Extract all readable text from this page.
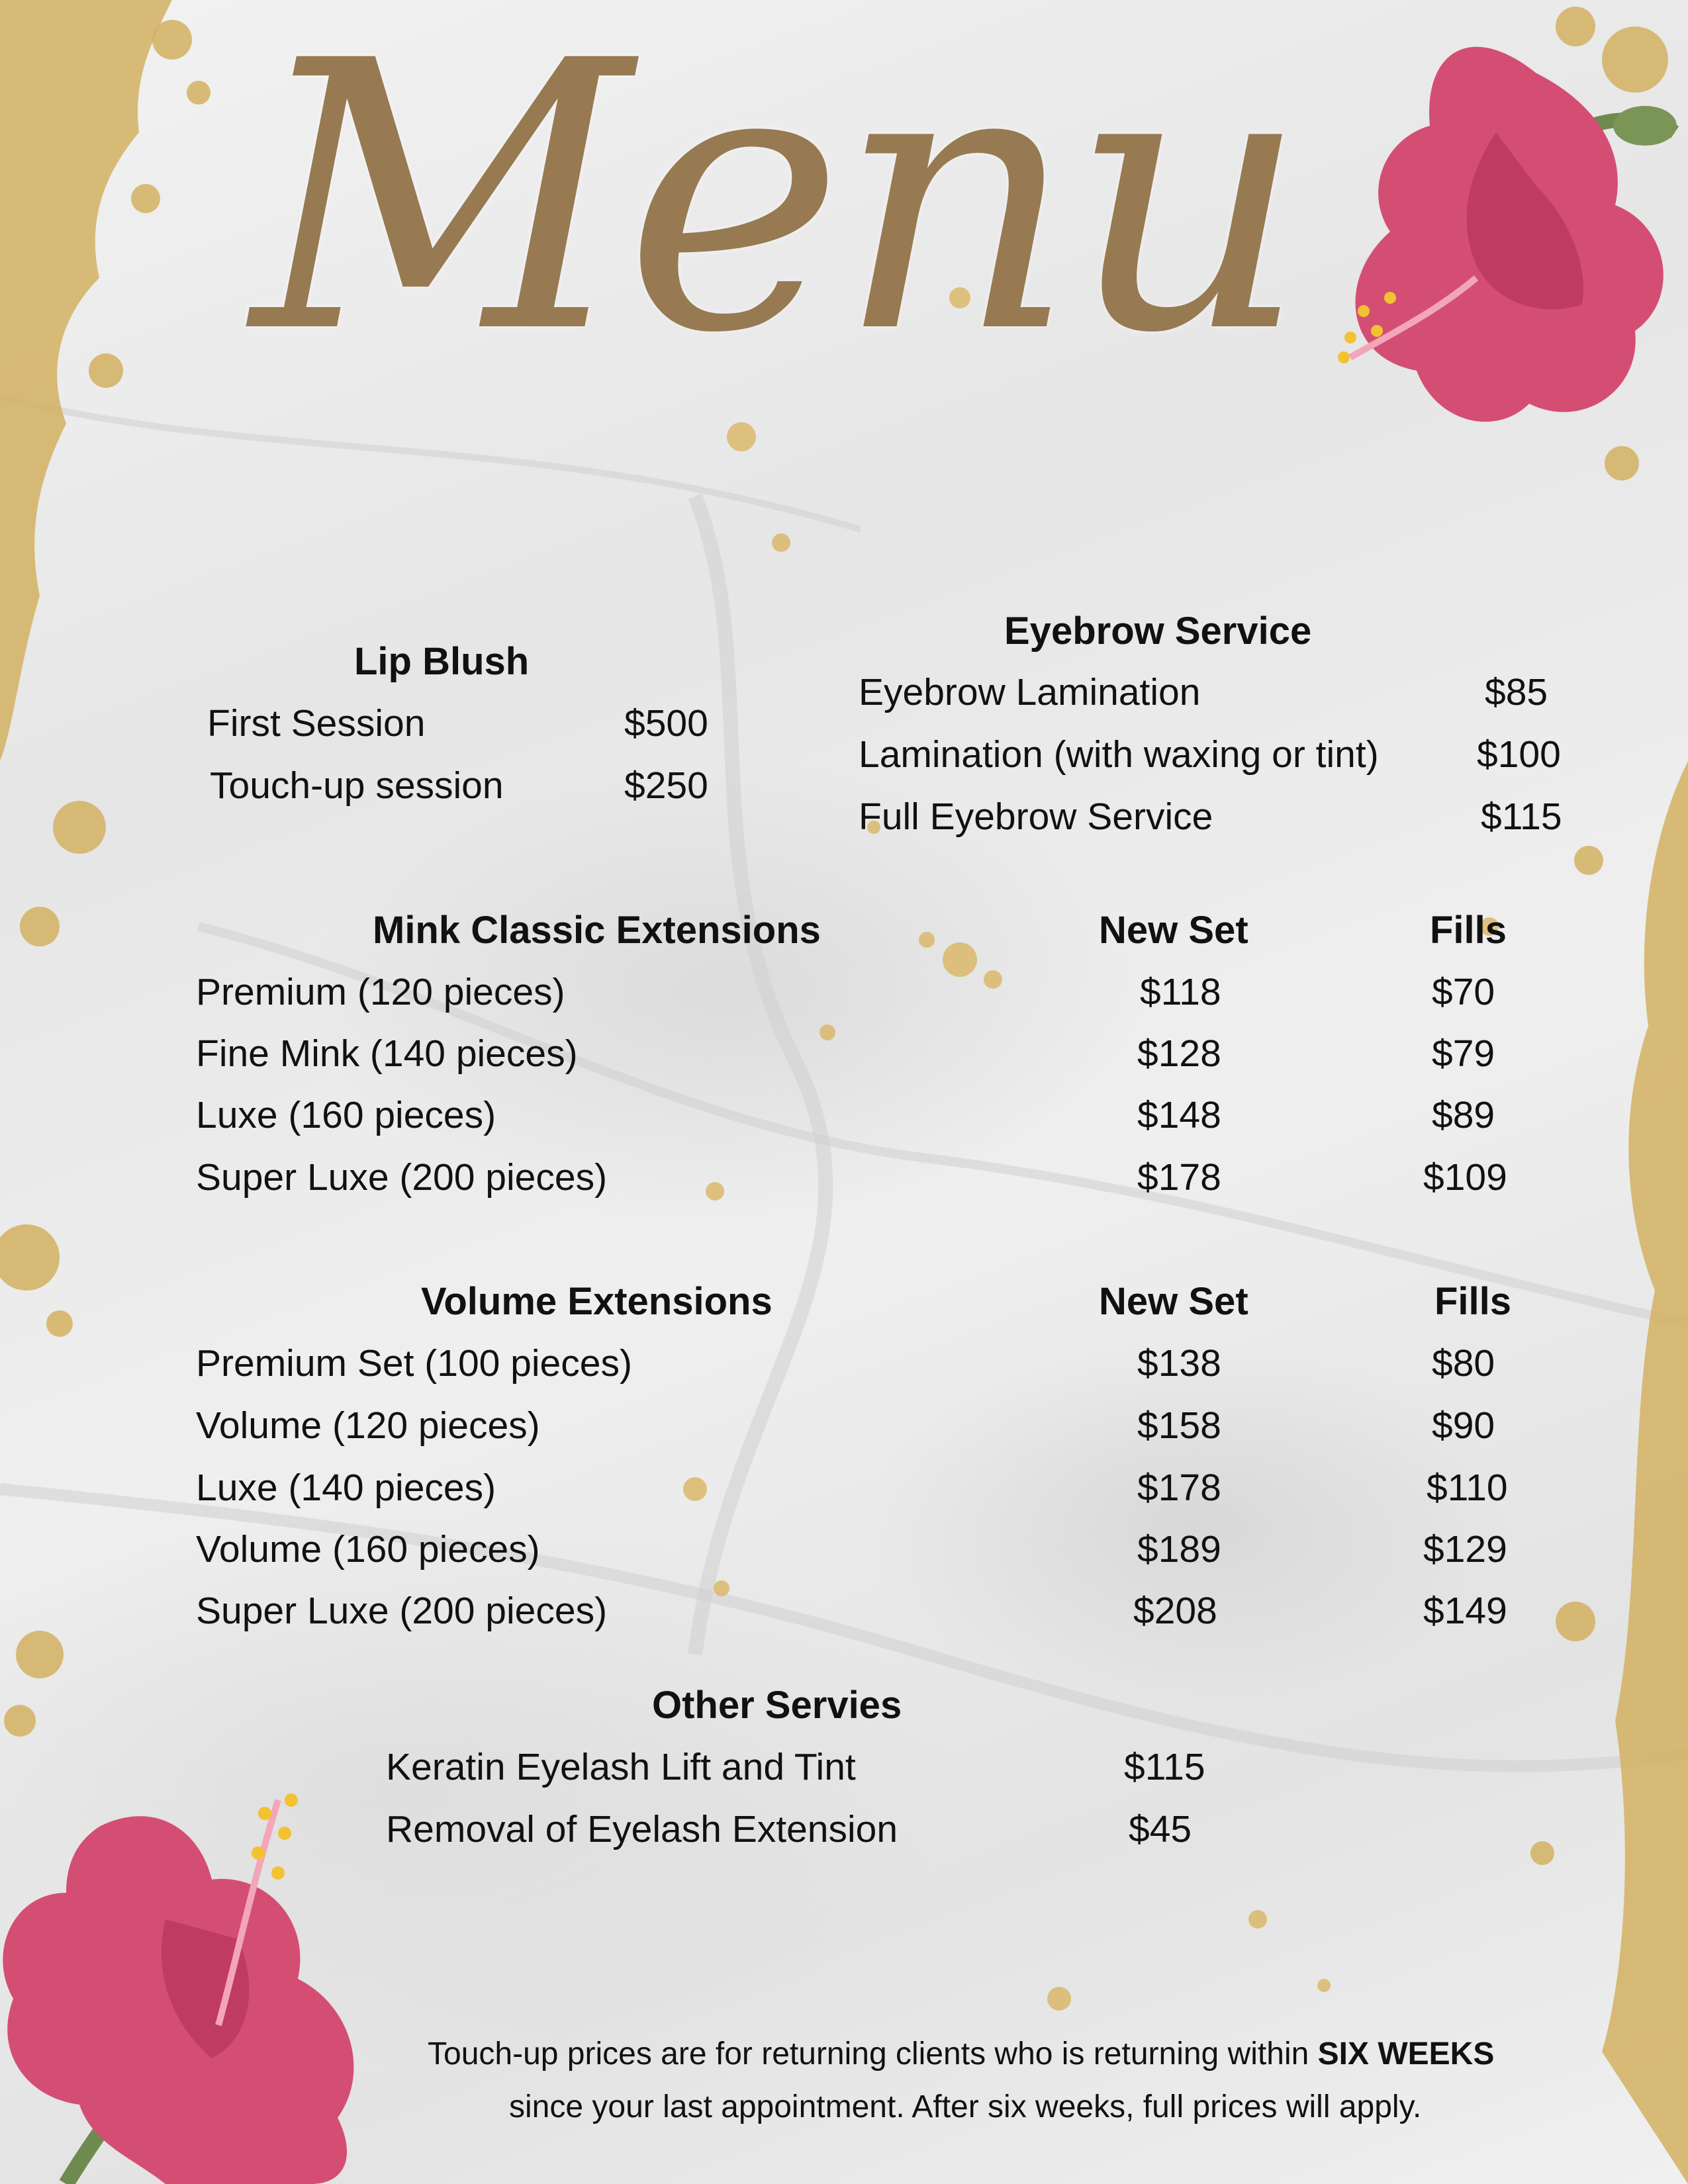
Menu
Lip Blush
First Session	$500
Touch-up session	$250
Eyebrow Service
Eyebrow Lamination	$85
Lamination (with waxing or tint)	$100
Full Eyebrow Service	$115
Mink Classic Extensions	New Set	Fills
Premium (120 pieces)	$118	$70
Fine Mink (140 pieces)	$128	$79
Luxe (160 pieces)	$148	$89
Super Luxe (200 pieces)	$178	$109
Volume Extensions	New Set	Fills
Premium Set (100 pieces)	$138	$80
Volume (120 pieces)	$158	$90
Luxe (140 pieces)	$178	$110
Volume (160 pieces)	$189	$129
Super Luxe (200 pieces)	$208	$149
Other Servies
Keratin Eyelash Lift and Tint	$115
Removal of Eyelash Extension	$45
Touch-up prices are for returning clients who is returning within SIX WEEKS
since your last appointment. After six weeks, full prices will apply.
